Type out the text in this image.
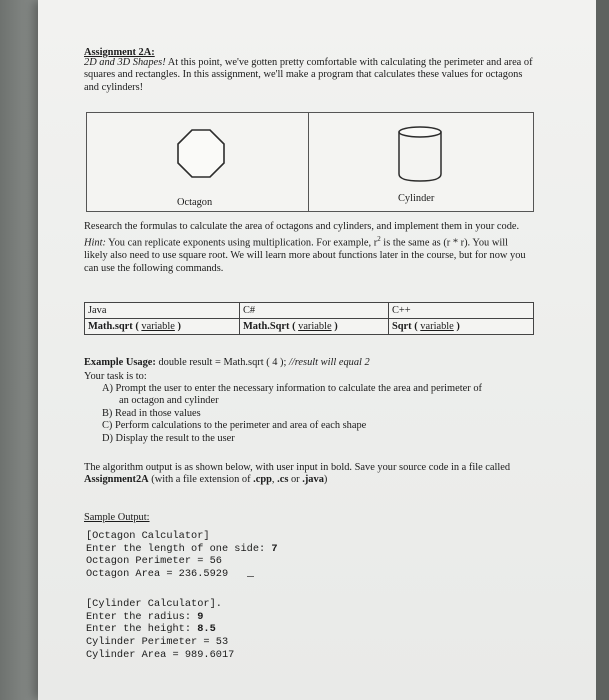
Assignment 2A:
2D and 3D Shapes! At this point, we've gotten pretty comfortable with calculating the perimeter and area of squares and rectangles. In this assignment, we'll make a program that calculates these values for octagons and cylinders!
Octagon	Cylinder
Research the formulas to calculate the area of octagons and cylinders, and implement them in your code.
Hint: You can replicate exponents using multiplication. For example, $r^2$ is the same as (r * r). You will likely also need to use square root. We will learn more about functions later in the course, but for now you can use the following commands.
Java	C#	C++
Math.sqrt ( variable )	Math.Sqrt ( variable )	Sqrt ( variable )
Example Usage: double result = Math.sqrt ( 4 ); //result will equal 2
Your task is to:
A) Prompt the user to enter the necessary information to calculate the area and perimeter of

an octagon and cylinder
B) Read in those values
C) Perform calculations to the perimeter and area of each shape
D) Display the result to the user
The algorithm output is as shown below, with user input in bold. Save your source code in a file called Assignment2A (with a file extension of .cpp, .cs or .java)
Sample Output:
[Octagon Calculator]
Enter the length of one side: 7
Octagon Perimeter = 56
Octagon Area = 236.5929
[Cylinder Calculator].
Enter the radius: 9
Enter the height: 8.5
Cylinder Perimeter = 53
Cylinder Area = 989.6017
